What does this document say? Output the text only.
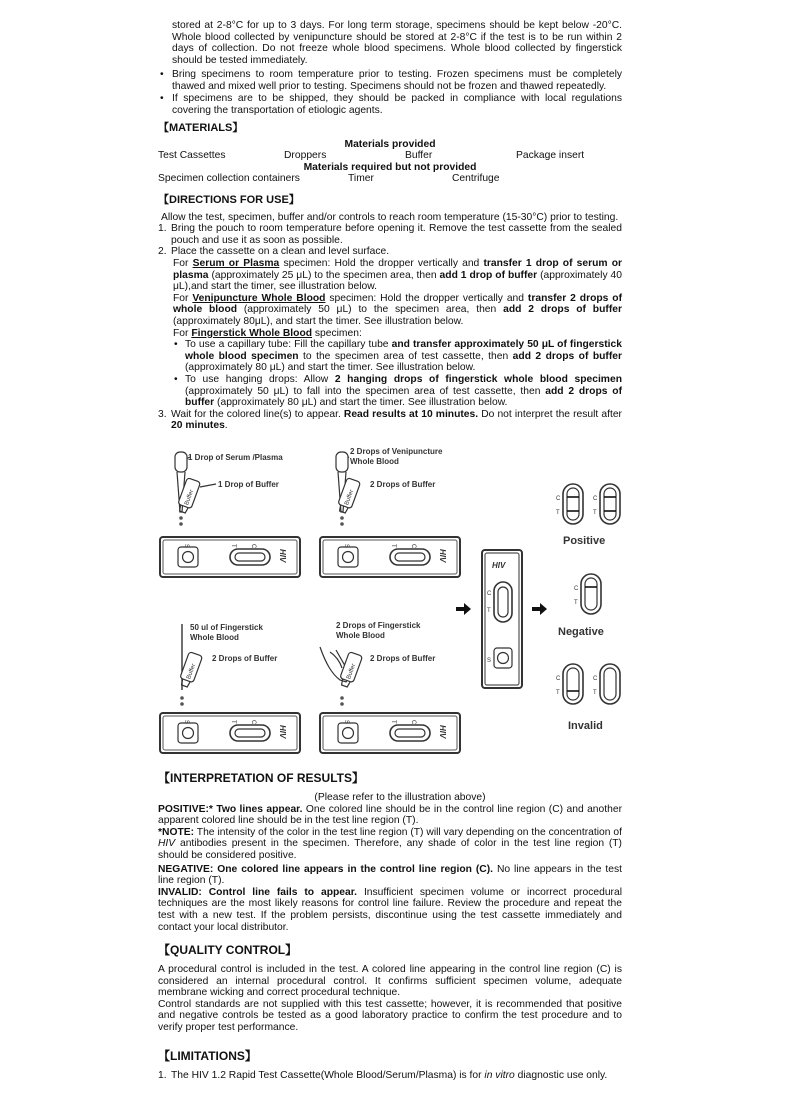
stored at 2-8°C for up to 3 days. For long term storage, specimens should be kept below -20°C. Whole blood collected by venipuncture should be stored at 2-8°C if the test is to be run within 2 days of collection. Do not freeze whole blood specimens. Whole blood collected by fingerstick should be tested immediately.

• Bring specimens to room temperature prior to testing. Frozen specimens must be completely thawed and mixed well prior to testing. Specimens should not be frozen and thawed repeatedly.
• If specimens are to be shipped, they should be packed in compliance with local regulations covering the transportation of etiologic agents.
【MATERIALS】
Materials provided
Test Cassettes	Droppers	Buffer	Package insert
Materials required but not provided
Specimen collection containers	Timer	Centrifuge
【DIRECTIONS FOR USE】

Allow the test, specimen, buffer and/or controls to reach room temperature (15-30°C) prior to testing.

1. Bring the pouch to room temperature before opening it. Remove the test cassette from the sealed pouch and use it as soon as possible.
2. Place the cassette on a clean and level surface.

For Serum or Plasma specimen: Hold the dropper vertically and transfer 1 drop of serum or plasma (approximately 25 μL) to the specimen area, then add 1 drop of buffer (approximately 40 μL),and start the timer, see illustration below.

For Venipuncture Whole Blood specimen: Hold the dropper vertically and transfer 2 drops of whole blood (approximately 50 μL) to the specimen area, then add 2 drops of buffer (approximately 80μL), and start the timer. See illustration below.

For Fingerstick Whole Blood specimen:

• To use a capillary tube: Fill the capillary tube and transfer approximately 50 μL of fingerstick whole blood specimen to the specimen area of test cassette, then add 2 drops of buffer (approximately 80 μL) and start the timer. See illustration below.
• To use hanging drops: Allow 2 hanging drops of fingerstick whole blood specimen (approximately 50 μL) to fall into the specimen area of test cassette, then add 2 drops of buffer (approximately 80 μL) and start the timer. See illustration below.
3. Wait for the colored line(s) to appear. Read results at 10 minutes. Do not interpret the result after 20 minutes.
1 Drop of Serum /Plasma
Buffer
1 Drop of Buffer
S	T C
HIV
2 Drops of Venipuncture
Whole Blood
Buffer
2 Drops of Buffer
S	T C
HIV
50 ul of Fingerstick
Whole Blood
Buffer
2 Drops of Buffer
S	T C
HIV
2 Drops of Fingerstick
Whole Blood
Buffer
2 Drops of Buffer
S	T C
HIV
HIV
C
T
S
C
T
C
T
Positive
C
T
Negative
C
T
C
T
Invalid
【INTERPRETATION OF RESULTS】
(Please refer to the illustration above)

POSITIVE:* Two lines appear. One colored line should be in the control line region (C) and another apparent colored line should be in the test line region (T).

*NOTE: The intensity of the color in the test line region (T) will vary depending on the concentration of HIV antibodies present in the specimen. Therefore, any shade of color in the test line region (T) should be considered positive.

NEGATIVE: One colored line appears in the control line region (C). No line appears in the test line region (T).

INVALID: Control line fails to appear. Insufficient specimen volume or incorrect procedural techniques are the most likely reasons for control line failure. Review the procedure and repeat the test with a new test. If the problem persists, discontinue using the test cassette immediately and contact your local distributor.

【QUALITY CONTROL】

A procedural control is included in the test. A colored line appearing in the control line region (C) is considered an internal procedural control. It confirms sufficient specimen volume, adequate membrane wicking and correct procedural technique.

Control standards are not supplied with this test cassette; however, it is recommended that positive and negative controls be tested as a good laboratory practice to confirm the test procedure and to verify proper test performance.

【LIMITATIONS】
1. The HIV 1.2 Rapid Test Cassette(Whole Blood/Serum/Plasma) is for in vitro diagnostic use only.
